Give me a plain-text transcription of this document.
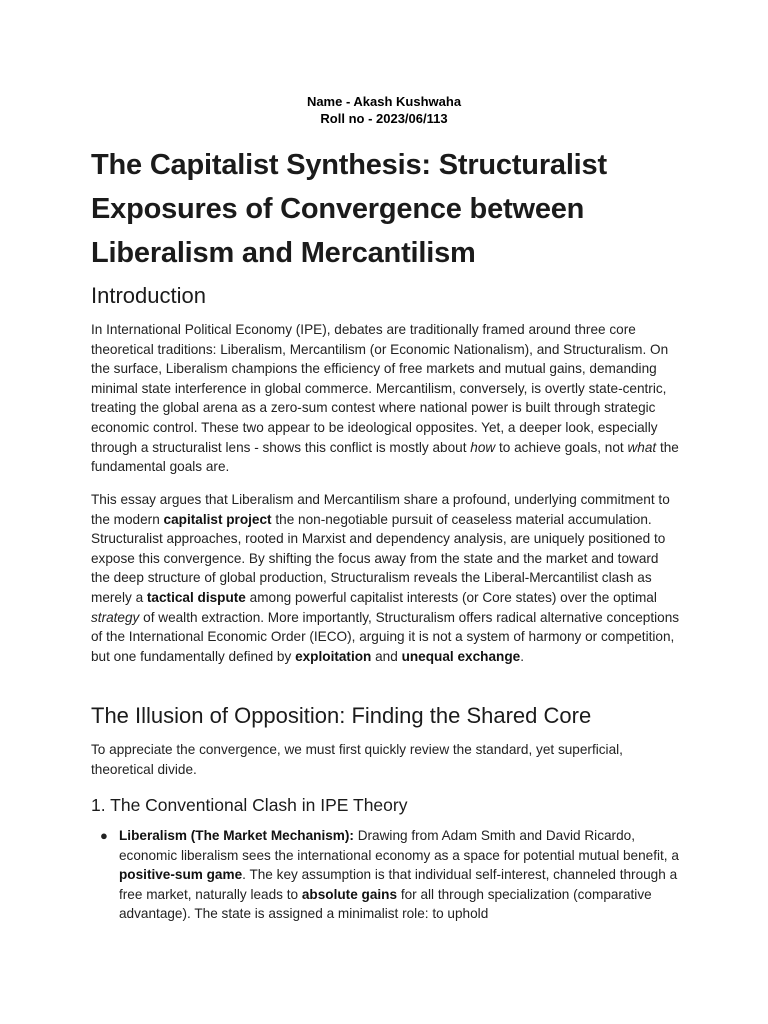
Name - Akash Kushwaha
Roll no - 2023/06/113
The Capitalist Synthesis: Structuralist Exposures of Convergence between Liberalism and Mercantilism
Introduction

In International Political Economy (IPE), debates are traditionally framed around three core theoretical traditions: Liberalism, Mercantilism (or Economic Nationalism), and Structuralism. On the surface, Liberalism champions the efficiency of free markets and mutual gains, demanding minimal state interference in global commerce. Mercantilism, conversely, is overtly state-centric, treating the global arena as a zero-sum contest where national power is built through strategic economic control. These two appear to be ideological opposites. Yet, a deeper look, especially through a structuralist lens - shows this conflict is mostly about how to achieve goals, not what the fundamental goals are.

This essay argues that Liberalism and Mercantilism share a profound, underlying commitment to the modern capitalist project the non-negotiable pursuit of ceaseless material accumulation. Structuralist approaches, rooted in Marxist and dependency analysis, are uniquely positioned to expose this convergence. By shifting the focus away from the state and the market and toward the deep structure of global production, Structuralism reveals the Liberal-Mercantilist clash as merely a tactical dispute among powerful capitalist interests (or Core states) over the optimal strategy of wealth extraction. More importantly, Structuralism offers radical alternative conceptions of the International Economic Order (IECO), arguing it is not a system of harmony or competition, but one fundamentally defined by exploitation and unequal exchange.

The Illusion of Opposition: Finding the Shared Core

To appreciate the convergence, we must first quickly review the standard, yet superficial, theoretical divide.

1. The Conventional Clash in IPE Theory
● Liberalism (The Market Mechanism): Drawing from Adam Smith and David Ricardo, economic liberalism sees the international economy as a space for potential mutual benefit, a positive-sum game. The key assumption is that individual self-interest, channeled through a free market, naturally leads to absolute gains for all through specialization (comparative advantage). The state is assigned a minimalist role: to uphold
